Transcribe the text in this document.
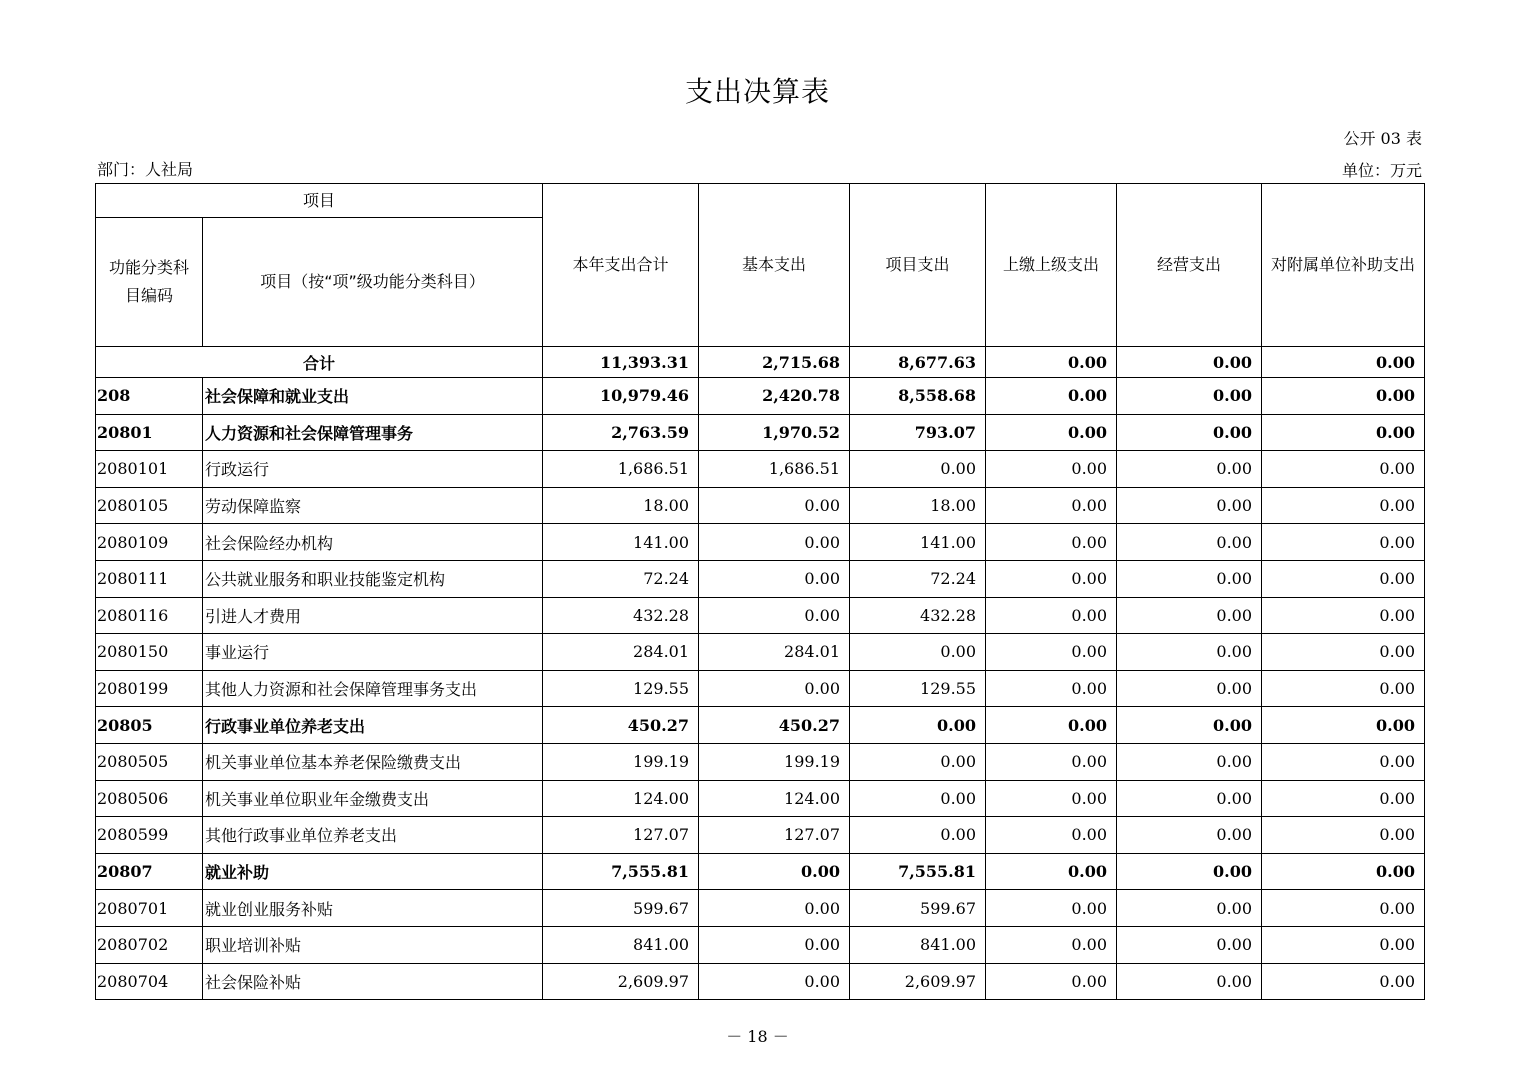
支出决算表
公开 03 表
部门：人社局	单位：万元
项目		本年支出合计	基本支出	项目支出	上缴上级支出	经营支出	对附属单位补助支出
功能分类科目编码	项目（按“项”级功能分类科目）						
合计		11,393.31	2,715.68	8,677.63	0.00	0.00	0.00
208	社会保障和就业支出	10,979.46	2,420.78	8,558.68	0.00	0.00	0.00
20801	人力资源和社会保障管理事务	2,763.59	1,970.52	793.07	0.00	0.00	0.00
2080101	行政运行	1,686.51	1,686.51	0.00	0.00	0.00	0.00
2080105	劳动保障监察	18.00	0.00	18.00	0.00	0.00	0.00
2080109	社会保险经办机构	141.00	0.00	141.00	0.00	0.00	0.00
2080111	公共就业服务和职业技能鉴定机构	72.24	0.00	72.24	0.00	0.00	0.00
2080116	引进人才费用	432.28	0.00	432.28	0.00	0.00	0.00
2080150	事业运行	284.01	284.01	0.00	0.00	0.00	0.00
2080199	其他人力资源和社会保障管理事务支出	129.55	0.00	129.55	0.00	0.00	0.00
20805	行政事业单位养老支出	450.27	450.27	0.00	0.00	0.00	0.00
2080505	机关事业单位基本养老保险缴费支出	199.19	199.19	0.00	0.00	0.00	0.00
2080506	机关事业单位职业年金缴费支出	124.00	124.00	0.00	0.00	0.00	0.00
2080599	其他行政事业单位养老支出	127.07	127.07	0.00	0.00	0.00	0.00
20807	就业补助	7,555.81	0.00	7,555.81	0.00	0.00	0.00
2080701	就业创业服务补贴	599.67	0.00	599.67	0.00	0.00	0.00
2080702	职业培训补贴	841.00	0.00	841.00	0.00	0.00	0.00
2080704	社会保险补贴	2,609.97	0.00	2,609.97	0.00	0.00	0.00
－ 18 －
